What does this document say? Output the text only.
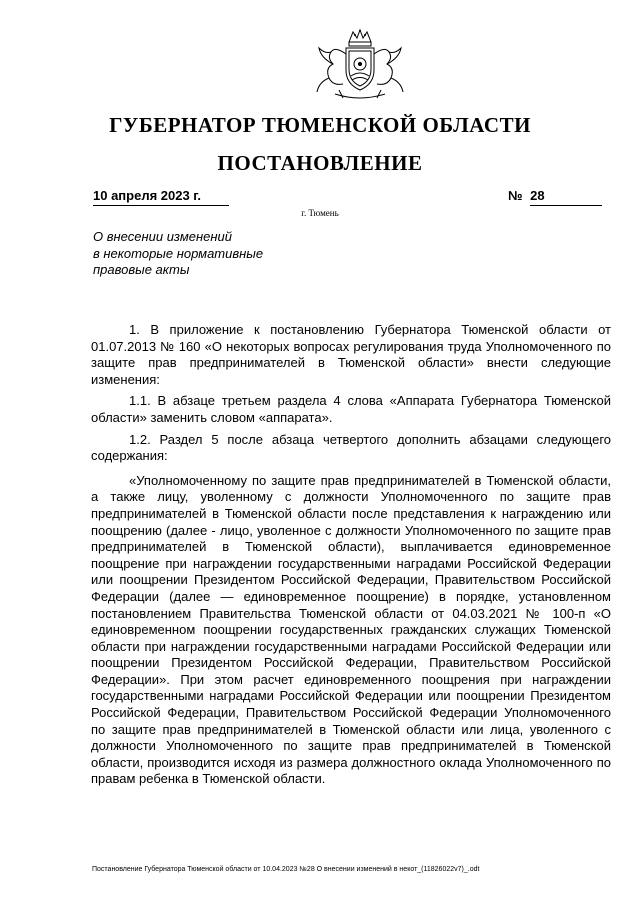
ГУБЕРНАТОР ТЮМЕНСКОЙ ОБЛАСТИ
ПОСТАНОВЛЕНИЕ
10 апреля 2023 г.	№ 28
г. Тюмень
О внесении изменений
в некоторые нормативные
правовые акты

1. В приложение к постановлению Губернатора Тюменской области от 01.07.2013 № 160 «О некоторых вопросах регулирования труда Уполномоченного по защите прав предпринимателей в Тюменской области» внести следующие изменения:

1.1. В абзаце третьем раздела 4 слова «Аппарата Губернатора Тюменской области» заменить словом «аппарата».

1.2. Раздел 5 после абзаца четвертого дополнить абзацами следующего содержания:

«Уполномоченному по защите прав предпринимателей в Тюменской области, а также лицу, уволенному с должности Уполномоченного по защите прав предпринимателей в Тюменской области после представления к награждению или поощрению (далее - лицо, уволенное с должности Уполномоченного по защите прав предпринимателей в Тюменской области), выплачивается единовременное поощрение при награждении государственными наградами Российской Федерации или поощрении Президентом Российской Федерации, Правительством Российской Федерации (далее — единовременное поощрение) в порядке, установленном постановлением Правительства Тюменской области от 04.03.2021 № 100-п «О единовременном поощрении государственных гражданских служащих Тюменской области при награждении государственными наградами Российской Федерации или поощрении Президентом Российской Федерации, Правительством Российской Федерации». При этом расчет единовременного поощрения при награждении государственными наградами Российской Федерации или поощрении Президентом Российской Федерации, Правительством Российской Федерации Уполномоченного по защите прав предпринимателей в Тюменской области или лица, уволенного с должности Уполномоченного по защите прав предпринимателей в Тюменской области, производится исходя из размера должностного оклада Уполномоченного по правам ребенка в Тюменской области.

Постановление Губернатора Тюменской области от 10.04.2023 №28 О внесении изменений в некот_(11826022v7)_.odt
